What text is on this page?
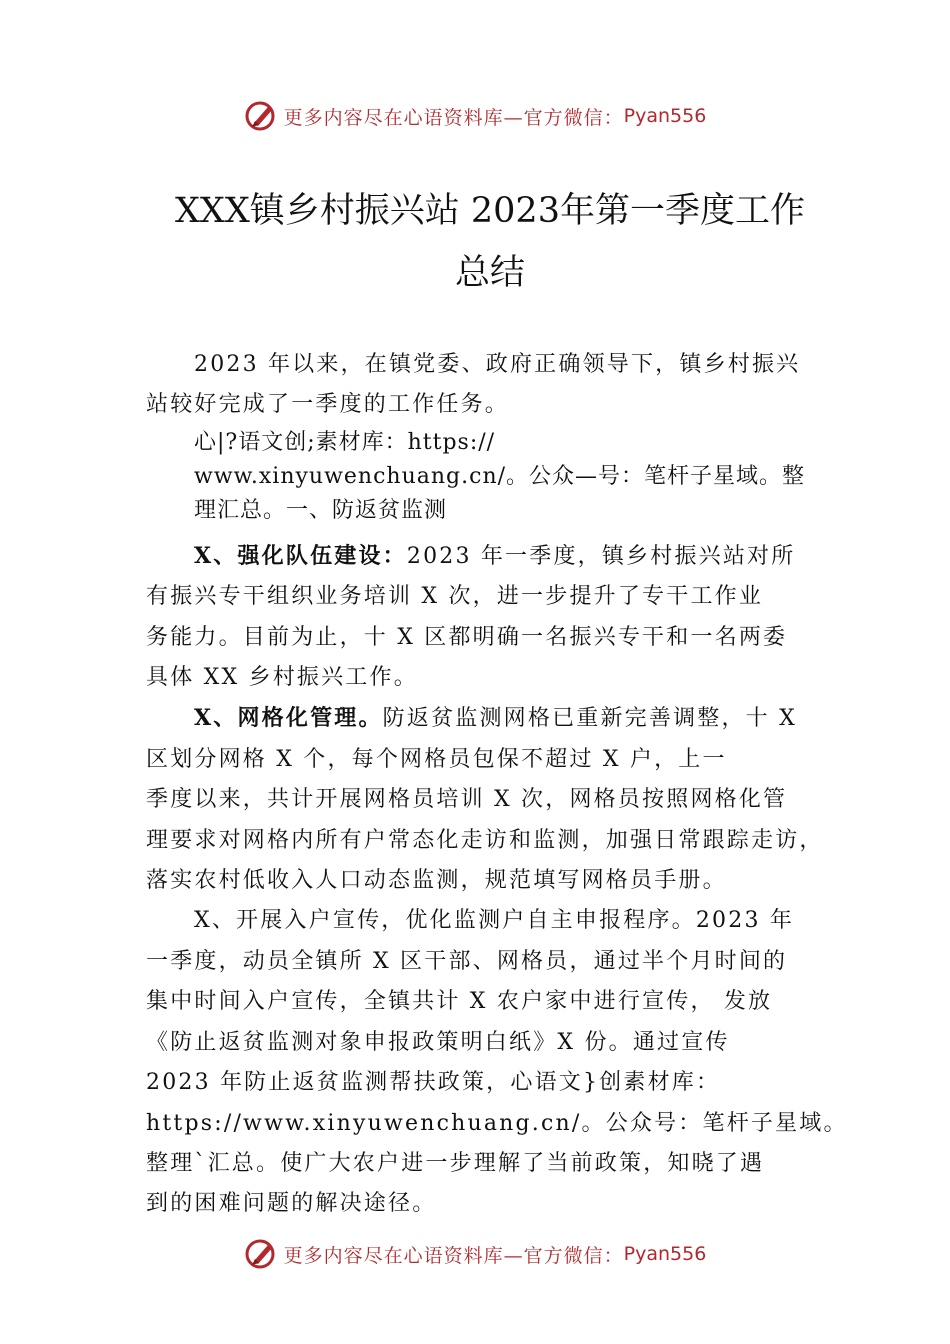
更多内容尽在心语资料库—官方微信： Pyan556
XXX镇乡村振兴站 2023年第一季度工作
总结

2023 年以来，在镇党委、政府正确领导下，镇乡村振兴
站较好完成了一季度的工作任务。

心|?语文创;素材库：https://
www.xinyuwenchuang.cn/。公众—号：笔杆子星域。整
理汇总。一、防返贫监测

X、强化队伍建设：2023 年一季度，镇乡村振兴站对所
有振兴专干组织业务培训 X 次，进一步提升了专干工作业
务能力。目前为止，十 X 区都明确一名振兴专干和一名两委
具体 XX 乡村振兴工作。

X、网格化管理。防返贫监测网格已重新完善调整，十 X
区划分网格 X 个，每个网格员包保不超过 X 户，上一
季度以来，共计开展网格员培训 X 次，网格员按照网格化管
理要求对网格内所有户常态化走访和监测，加强日常跟踪走访，
落实农村低收入人口动态监测，规范填写网格员手册。

X、开展入户宣传，优化监测户自主申报程序。2023 年
一季度，动员全镇所 X 区干部、网格员，通过半个月时间的
集中时间入户宣传，全镇共计 X 农户家中进行宣传， 发放
《防止返贫监测对象申报政策明白纸》X 份。通过宣传
2023 年防止返贫监测帮扶政策，心语文}创素材库：
https://www.xinyuwenchuang.cn/。公众号：笔杆子星域。
整理`汇总。使广大农户进一步理解了当前政策，知晓了遇
到的困难问题的解决途径。

更多内容尽在心语资料库—官方微信： Pyan556
